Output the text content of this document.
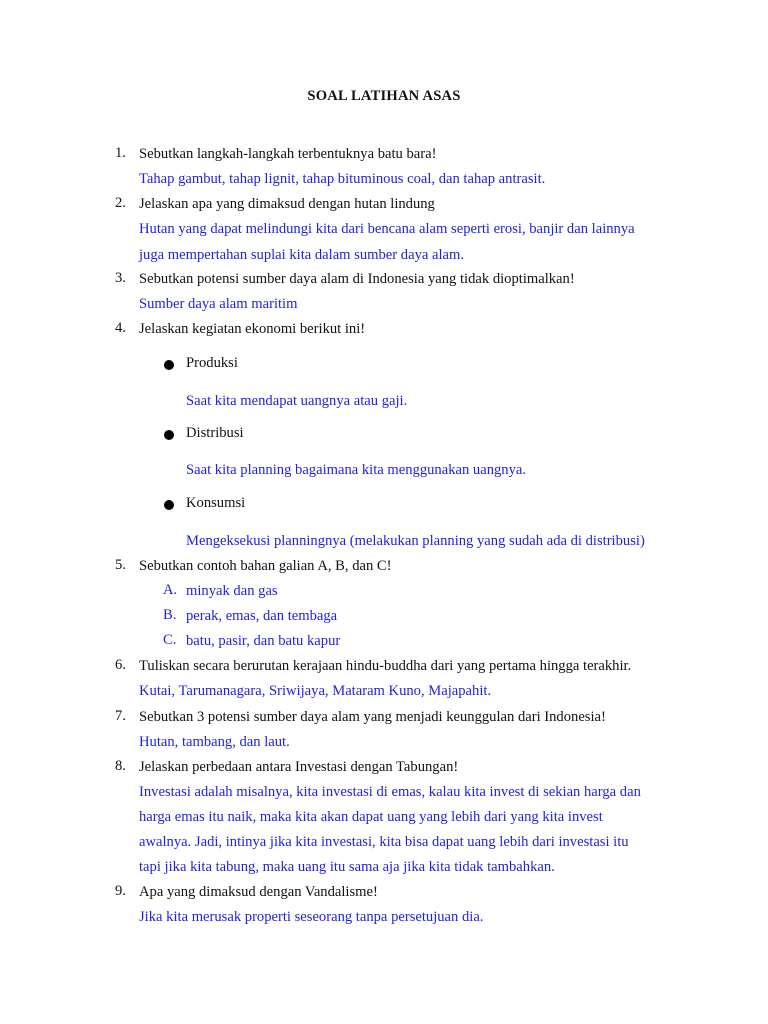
SOAL LATIHAN ASAS
1. Sebutkan langkah-langkah terbentuknya batu bara!
Tahap gambut, tahap lignit, tahap bituminous coal, dan tahap antrasit.
2. Jelaskan apa yang dimaksud dengan hutan lindung
Hutan yang dapat melindungi kita dari bencana alam seperti erosi, banjir dan lainnya
juga mempertahan suplai kita dalam sumber daya alam.
3. Sebutkan potensi sumber daya alam di Indonesia yang tidak dioptimalkan!
Sumber daya alam maritim
4. Jelaskan kegiatan ekonomi berikut ini!
Produksi
Saat kita mendapat uangnya atau gaji.
Distribusi
Saat kita planning bagaimana kita menggunakan uangnya.
Konsumsi
Mengeksekusi planningnya (melakukan planning yang sudah ada di distribusi)
5. Sebutkan contoh bahan galian A, B, dan C!
A. minyak dan gas
B. perak, emas, dan tembaga
C. batu, pasir, dan batu kapur
6. Tuliskan secara berurutan kerajaan hindu-buddha dari yang pertama hingga terakhir.
Kutai, Tarumanagara, Sriwijaya, Mataram Kuno, Majapahit.
7. Sebutkan 3 potensi sumber daya alam yang menjadi keunggulan dari Indonesia!
Hutan, tambang, dan laut.
8. Jelaskan perbedaan antara Investasi dengan Tabungan!
Investasi adalah misalnya, kita investasi di emas, kalau kita invest di sekian harga dan
harga emas itu naik, maka kita akan dapat uang yang lebih dari yang kita invest
awalnya. Jadi, intinya jika kita investasi, kita bisa dapat uang lebih dari investasi itu
tapi jika kita tabung, maka uang itu sama aja jika kita tidak tambahkan.
9. Apa yang dimaksud dengan Vandalisme!
Jika kita merusak properti seseorang tanpa persetujuan dia.
